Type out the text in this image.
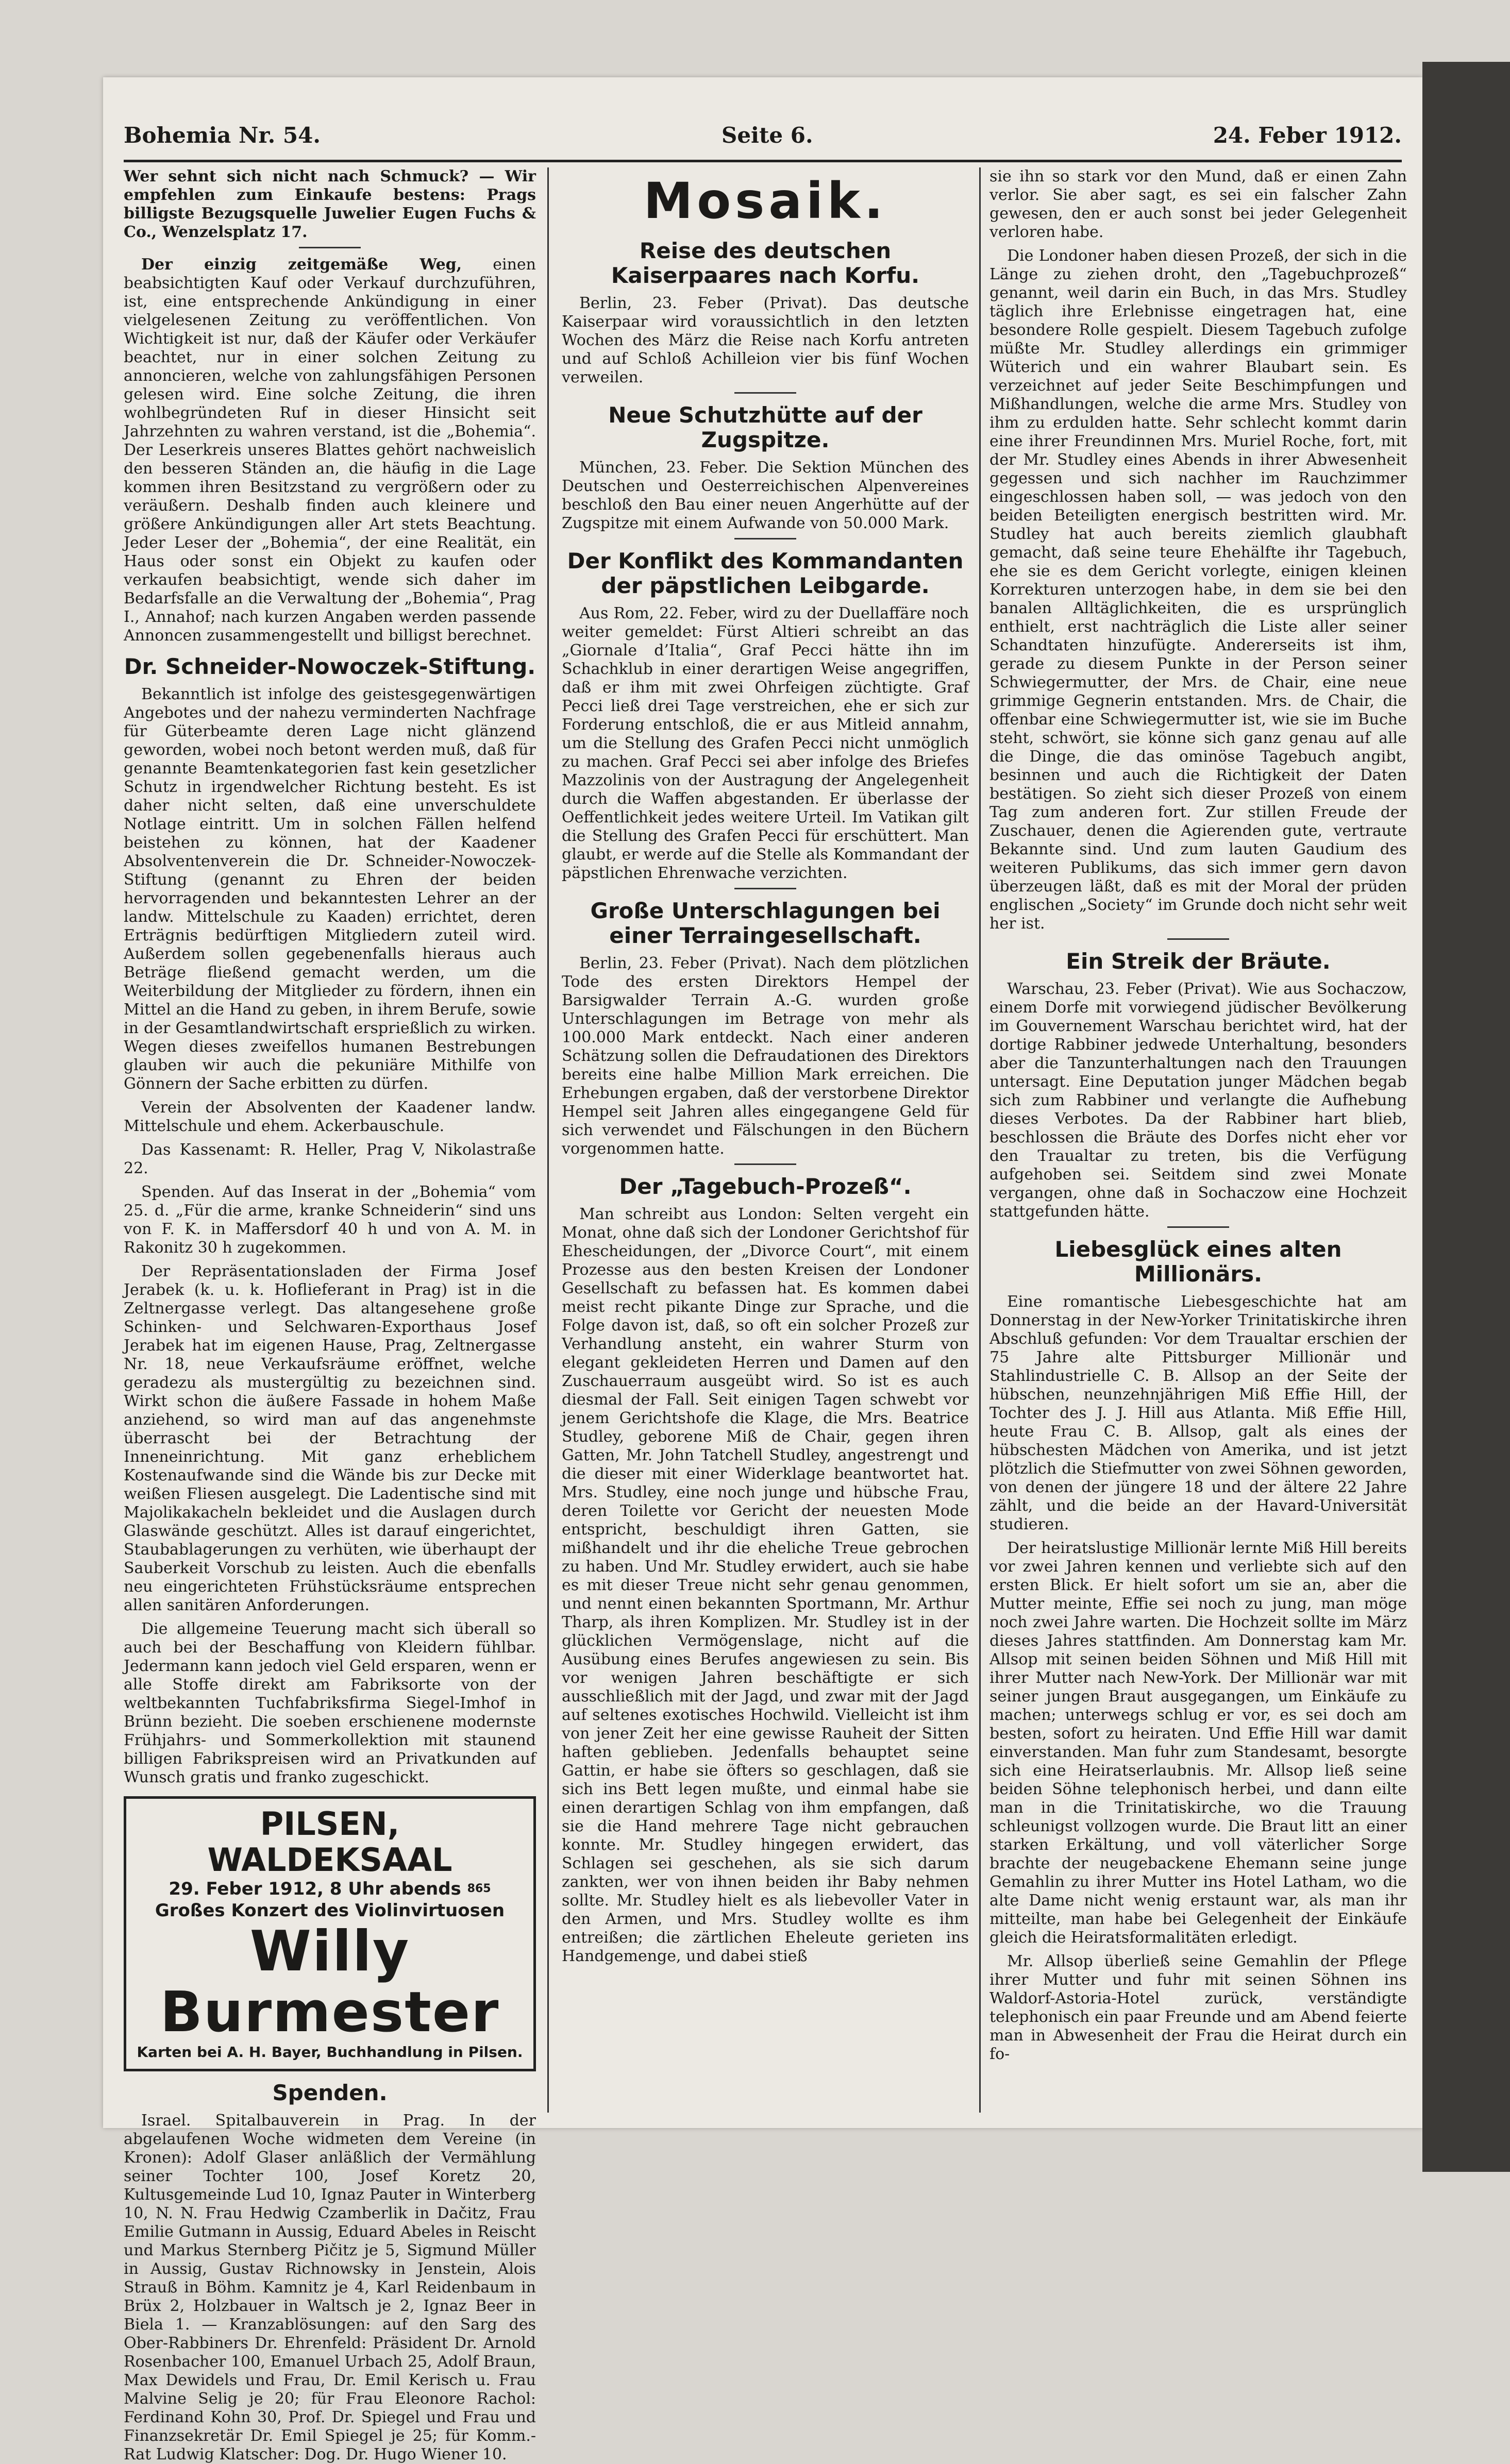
Bohemia Nr. 54.	Seite 6.	24. Feber 1912.

Wer sehnt sich nicht nach Schmuck? — Wir empfehlen zum Einkaufe bestens: Prags billigste Bezugsquelle Juwelier Eugen Fuchs & Co., Wenzelsplatz 17.

Der einzig zeitgemäße Weg, einen beabsichtigten Kauf oder Verkauf durchzuführen, ist, eine entsprechende Ankündigung in einer vielgelesenen Zeitung zu veröffentlichen. Von Wichtigkeit ist nur, daß der Käufer oder Verkäufer beachtet, nur in einer solchen Zeitung zu annoncieren, welche von zahlungsfähigen Personen gelesen wird. Eine solche Zeitung, die ihren wohlbegründeten Ruf in dieser Hinsicht seit Jahrzehnten zu wahren verstand, ist die „Bohemia“. Der Leserkreis unseres Blattes gehört nachweislich den besseren Ständen an, die häufig in die Lage kommen ihren Besitzstand zu vergrößern oder zu veräußern. Deshalb finden auch kleinere und größere Ankündigungen aller Art stets Beachtung. Jeder Leser der „Bohemia“, der eine Realität, ein Haus oder sonst ein Objekt zu kaufen oder verkaufen beabsichtigt, wende sich daher im Bedarfsfalle an die Verwaltung der „Bohemia“, Prag I., Annahof; nach kurzen Angaben werden passende Annoncen zusammengestellt und billigst berechnet.

Dr. Schneider-Nowoczek-Stiftung.

Bekanntlich ist infolge des geistesgegenwärtigen Angebotes und der nahezu verminderten Nachfrage für Güterbeamte deren Lage nicht glänzend geworden, wobei noch betont werden muß, daß für genannte Beamtenkategorien fast kein gesetzlicher Schutz in irgendwelcher Richtung besteht. Es ist daher nicht selten, daß eine unverschuldete Notlage eintritt. Um in solchen Fällen helfend beistehen zu können, hat der Kaadener Absolventenverein die Dr. Schneider-Nowoczek-Stiftung (genannt zu Ehren der beiden hervorragenden und bekanntesten Lehrer an der landw. Mittelschule zu Kaaden) errichtet, deren Erträgnis bedürftigen Mitgliedern zuteil wird. Außerdem sollen gegebenenfalls hieraus auch Beträge fließend gemacht werden, um die Weiterbildung der Mitglieder zu fördern, ihnen ein Mittel an die Hand zu geben, in ihrem Berufe, sowie in der Gesamtlandwirtschaft ersprießlich zu wirken. Wegen dieses zweifellos humanen Bestrebungen glauben wir auch die pekuniäre Mithilfe von Gönnern der Sache erbitten zu dürfen.

Verein der Absolventen der Kaadener landw. Mittelschule und ehem. Ackerbauschule.

Das Kassenamt: R. Heller, Prag V, Nikolastraße 22.

Spenden. Auf das Inserat in der „Bohemia“ vom 25. d. „Für die arme, kranke Schneiderin“ sind uns von F. K. in Maffersdorf 40 h und von A. M. in Rakonitz 30 h zugekommen.

Der Repräsentationsladen der Firma Josef Jerabek (k. u. k. Hoflieferant in Prag) ist in die Zeltnergasse verlegt. Das altangesehene große Schinken- und Selchwaren-Exporthaus Josef Jerabek hat im eigenen Hause, Prag, Zeltnergasse Nr. 18, neue Verkaufsräume eröffnet, welche geradezu als mustergültig zu bezeichnen sind. Wirkt schon die äußere Fassade in hohem Maße anziehend, so wird man auf das angenehmste überrascht bei der Betrachtung der Inneneinrichtung. Mit ganz erheblichem Kostenaufwande sind die Wände bis zur Decke mit weißen Fliesen ausgelegt. Die Ladentische sind mit Majolikakacheln bekleidet und die Auslagen durch Glaswände geschützt. Alles ist darauf eingerichtet, Staubablagerungen zu verhüten, wie überhaupt der Sauberkeit Vorschub zu leisten. Auch die ebenfalls neu eingerichteten Frühstücksräume entsprechen allen sanitären Anforderungen.

Die allgemeine Teuerung macht sich überall so auch bei der Beschaffung von Kleidern fühlbar. Jedermann kann jedoch viel Geld ersparen, wenn er alle Stoffe direkt am Fabriksorte von der weltbekannten Tuchfabriksfirma Siegel-Imhof in Brünn bezieht. Die soeben erschienene modernste Frühjahrs- und Sommerkollektion mit staunend billigen Fabrikspreisen wird an Privatkunden auf Wunsch gratis und franko zugeschickt.

PILSEN, WALDEKSAAL
29. Feber 1912, 8 Uhr abends $^{865}$
Großes Konzert des Violinvirtuosen
Willy Burmester
Karten bei A. H. Bayer, Buchhandlung in Pilsen.
Spenden.

Israel. Spitalbauverein in Prag. In der abgelaufenen Woche widmeten dem Vereine (in Kronen): Adolf Glaser anläßlich der Vermählung seiner Tochter 100, Josef Koretz 20, Kultusgemeinde Lud 10, Ignaz Pauter in Winterberg 10, N. N. Frau Hedwig Czamberlik in Dačitz, Frau Emilie Gutmann in Aussig, Eduard Abeles in Reischt und Markus Sternberg Pičitz je 5, Sigmund Müller in Aussig, Gustav Richnowsky in Jenstein, Alois Strauß in Böhm. Kamnitz je 4, Karl Reidenbaum in Brüx 2, Holzbauer in Waltsch je 2, Ignaz Beer in Biela 1. — Kranzablösungen: auf den Sarg des Ober-Rabbiners Dr. Ehrenfeld: Präsident Dr. Arnold Rosenbacher 100, Emanuel Urbach 25, Adolf Braun, Max Dewidels und Frau, Dr. Emil Kerisch u. Frau Malvine Selig je 20; für Frau Eleonore Rachol: Ferdinand Kohn 30, Prof. Dr. Spiegel und Frau und Finanzsekretär Dr. Emil Spiegel je 25; für Komm.-Rat Ludwig Klatscher: Dog. Dr. Hugo Wiener 10.

Mosaik.
Reise des deutschen Kaiserpaares nach Korfu.

Berlin, 23. Feber (Privat). Das deutsche Kaiserpaar wird voraussichtlich in den letzten Wochen des März die Reise nach Korfu antreten und auf Schloß Achilleion vier bis fünf Wochen verweilen.

Neue Schutzhütte auf der Zugspitze.

München, 23. Feber. Die Sektion München des Deutschen und Oesterreichischen Alpenvereines beschloß den Bau einer neuen Angerhütte auf der Zugspitze mit einem Aufwande von 50.000 Mark.

Der Konflikt des Kommandanten der päpstlichen Leibgarde.

Aus Rom, 22. Feber, wird zu der Duellaffäre noch weiter gemeldet: Fürst Altieri schreibt an das „Giornale d’Italia“, Graf Pecci hätte ihn im Schachklub in einer derartigen Weise angegriffen, daß er ihm mit zwei Ohrfeigen züchtigte. Graf Pecci ließ drei Tage verstreichen, ehe er sich zur Forderung entschloß, die er aus Mitleid annahm, um die Stellung des Grafen Pecci nicht unmöglich zu machen. Graf Pecci sei aber infolge des Briefes Mazzolinis von der Austragung der Angelegenheit durch die Waffen abgestanden. Er überlasse der Oeffentlichkeit jedes weitere Urteil. Im Vatikan gilt die Stellung des Grafen Pecci für erschüttert. Man glaubt, er werde auf die Stelle als Kommandant der päpstlichen Ehrenwache verzichten.

Große Unterschlagungen bei einer Terraingesellschaft.

Berlin, 23. Feber (Privat). Nach dem plötzlichen Tode des ersten Direktors Hempel der Barsigwalder Terrain A.-G. wurden große Unterschlagungen im Betrage von mehr als 100.000 Mark entdeckt. Nach einer anderen Schätzung sollen die Defraudationen des Direktors bereits eine halbe Million Mark erreichen. Die Erhebungen ergaben, daß der verstorbene Direktor Hempel seit Jahren alles eingegangene Geld für sich verwendet und Fälschungen in den Büchern vorgenommen hatte.

Der „Tagebuch-Prozeß“.

Man schreibt aus London: Selten vergeht ein Monat, ohne daß sich der Londoner Gerichtshof für Ehescheidungen, der „Divorce Court“, mit einem Prozesse aus den besten Kreisen der Londoner Gesellschaft zu befassen hat. Es kommen dabei meist recht pikante Dinge zur Sprache, und die Folge davon ist, daß, so oft ein solcher Prozeß zur Verhandlung ansteht, ein wahrer Sturm von elegant gekleideten Herren und Damen auf den Zuschauerraum ausgeübt wird. So ist es auch diesmal der Fall. Seit einigen Tagen schwebt vor jenem Gerichtshofe die Klage, die Mrs. Beatrice Studley, geborene Miß de Chair, gegen ihren Gatten, Mr. John Tatchell Studley, angestrengt und die dieser mit einer Widerklage beantwortet hat. Mrs. Studley, eine noch junge und hübsche Frau, deren Toilette vor Gericht der neuesten Mode entspricht, beschuldigt ihren Gatten, sie mißhandelt und ihr die eheliche Treue gebrochen zu haben. Und Mr. Studley erwidert, auch sie habe es mit dieser Treue nicht sehr genau genommen, und nennt einen bekannten Sportmann, Mr. Arthur Tharp, als ihren Komplizen. Mr. Studley ist in der glücklichen Vermögenslage, nicht auf die Ausübung eines Berufes angewiesen zu sein. Bis vor wenigen Jahren beschäftigte er sich ausschließlich mit der Jagd, und zwar mit der Jagd auf seltenes exotisches Hochwild. Vielleicht ist ihm von jener Zeit her eine gewisse Rauheit der Sitten haften geblieben. Jedenfalls behauptet seine Gattin, er habe sie öfters so geschlagen, daß sie sich ins Bett legen mußte, und einmal habe sie einen derartigen Schlag von ihm empfangen, daß sie die Hand mehrere Tage nicht gebrauchen konnte. Mr. Studley hingegen erwidert, das Schlagen sei geschehen, als sie sich darum zankten, wer von ihnen beiden ihr Baby nehmen sollte. Mr. Studley hielt es als liebevoller Vater in den Armen, und Mrs. Studley wollte es ihm entreißen; die zärtlichen Eheleute gerieten ins Handgemenge, und dabei stieß

sie ihn so stark vor den Mund, daß er einen Zahn verlor. Sie aber sagt, es sei ein falscher Zahn gewesen, den er auch sonst bei jeder Gelegenheit verloren habe.

Die Londoner haben diesen Prozeß, der sich in die Länge zu ziehen droht, den „Tagebuchprozeß“ genannt, weil darin ein Buch, in das Mrs. Studley täglich ihre Erlebnisse eingetragen hat, eine besondere Rolle gespielt. Diesem Tagebuch zufolge müßte Mr. Studley allerdings ein grimmiger Wüterich und ein wahrer Blaubart sein. Es verzeichnet auf jeder Seite Beschimpfungen und Mißhandlungen, welche die arme Mrs. Studley von ihm zu erdulden hatte. Sehr schlecht kommt darin eine ihrer Freundinnen Mrs. Muriel Roche, fort, mit der Mr. Studley eines Abends in ihrer Abwesenheit gegessen und sich nachher im Rauchzimmer eingeschlossen haben soll, — was jedoch von den beiden Beteiligten energisch bestritten wird. Mr. Studley hat auch bereits ziemlich glaubhaft gemacht, daß seine teure Ehehälfte ihr Tagebuch, ehe sie es dem Gericht vorlegte, einigen kleinen Korrekturen unterzogen habe, in dem sie bei den banalen Alltäglichkeiten, die es ursprünglich enthielt, erst nachträglich die Liste aller seiner Schandtaten hinzufügte. Andererseits ist ihm, gerade zu diesem Punkte in der Person seiner Schwiegermutter, der Mrs. de Chair, eine neue grimmige Gegnerin entstanden. Mrs. de Chair, die offenbar eine Schwiegermutter ist, wie sie im Buche steht, schwört, sie könne sich ganz genau auf alle die Dinge, die das ominöse Tagebuch angibt, besinnen und auch die Richtigkeit der Daten bestätigen. So zieht sich dieser Prozeß von einem Tag zum anderen fort. Zur stillen Freude der Zuschauer, denen die Agierenden gute, vertraute Bekannte sind. Und zum lauten Gaudium des weiteren Publikums, das sich immer gern davon überzeugen läßt, daß es mit der Moral der prüden englischen „Society“ im Grunde doch nicht sehr weit her ist.

Ein Streik der Bräute.

Warschau, 23. Feber (Privat). Wie aus Sochaczow, einem Dorfe mit vorwiegend jüdischer Bevölkerung im Gouvernement Warschau berichtet wird, hat der dortige Rabbiner jedwede Unterhaltung, besonders aber die Tanzunterhaltungen nach den Trauungen untersagt. Eine Deputation junger Mädchen begab sich zum Rabbiner und verlangte die Aufhebung dieses Verbotes. Da der Rabbiner hart blieb, beschlossen die Bräute des Dorfes nicht eher vor den Traualtar zu treten, bis die Verfügung aufgehoben sei. Seitdem sind zwei Monate vergangen, ohne daß in Sochaczow eine Hochzeit stattgefunden hätte.

Liebesglück eines alten Millionärs.

Eine romantische Liebesgeschichte hat am Donnerstag in der New-Yorker Trinitatiskirche ihren Abschluß gefunden: Vor dem Traualtar erschien der 75 Jahre alte Pittsburger Millionär und Stahlindustrielle C. B. Allsop an der Seite der hübschen, neunzehnjährigen Miß Effie Hill, der Tochter des J. J. Hill aus Atlanta. Miß Effie Hill, heute Frau C. B. Allsop, galt als eines der hübschesten Mädchen von Amerika, und ist jetzt plötzlich die Stiefmutter von zwei Söhnen geworden, von denen der jüngere 18 und der ältere 22 Jahre zählt, und die beide an der Havard-Universität studieren.

Der heiratslustige Millionär lernte Miß Hill bereits vor zwei Jahren kennen und verliebte sich auf den ersten Blick. Er hielt sofort um sie an, aber die Mutter meinte, Effie sei noch zu jung, man möge noch zwei Jahre warten. Die Hochzeit sollte im März dieses Jahres stattfinden. Am Donnerstag kam Mr. Allsop mit seinen beiden Söhnen und Miß Hill mit ihrer Mutter nach New-York. Der Millionär war mit seiner jungen Braut ausgegangen, um Einkäufe zu machen; unterwegs schlug er vor, es sei doch am besten, sofort zu heiraten. Und Effie Hill war damit einverstanden. Man fuhr zum Standesamt, besorgte sich eine Heiratserlaubnis. Mr. Allsop ließ seine beiden Söhne telephonisch herbei, und dann eilte man in die Trinitatiskirche, wo die Trauung schleunigst vollzogen wurde. Die Braut litt an einer starken Erkältung, und voll väterlicher Sorge brachte der neugebackene Ehemann seine junge Gemahlin zu ihrer Mutter ins Hotel Latham, wo die alte Dame nicht wenig erstaunt war, als man ihr mitteilte, man habe bei Gelegenheit der Einkäufe gleich die Heiratsformalitäten erledigt.

Mr. Allsop überließ seine Gemahlin der Pflege ihrer Mutter und fuhr mit seinen Söhnen ins Waldorf-Astoria-Hotel zurück, verständigte telephonisch ein paar Freunde und am Abend feierte man in Abwesenheit der Frau die Heirat durch ein fo-
